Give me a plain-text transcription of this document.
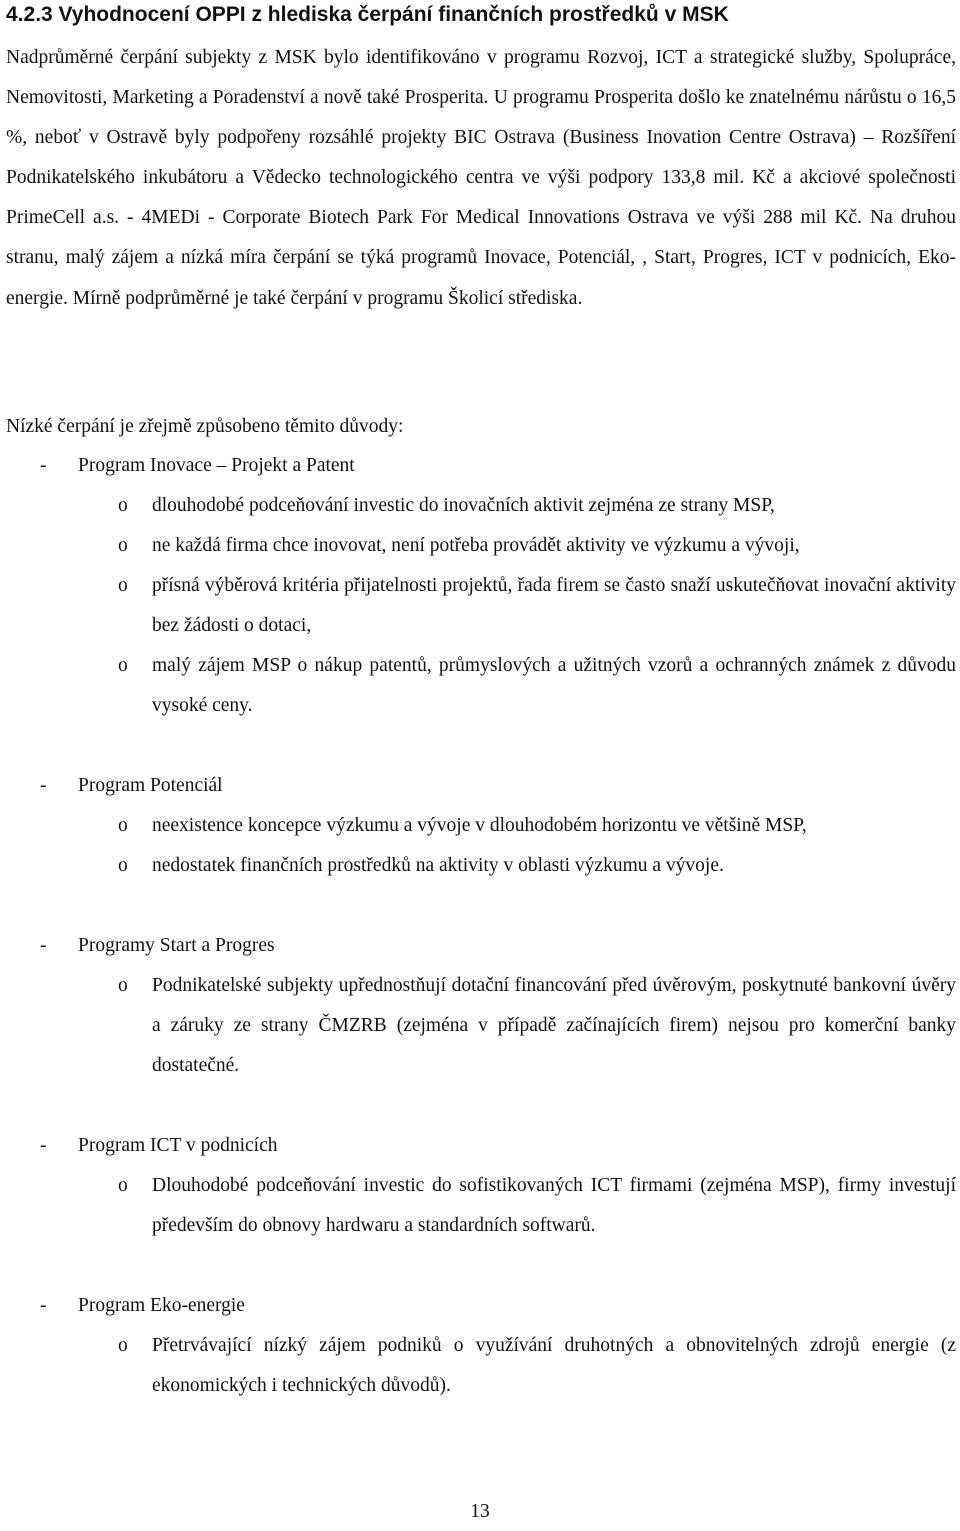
4.2.3 Vyhodnocení OPPI z hlediska čerpání finančních prostředků v MSK
Nadprůměrné čerpání subjekty z MSK bylo identifikováno v programu Rozvoj, ICT a strategické služby, Spolupráce, Nemovitosti, Marketing a Poradenství a nově také Prosperita. U programu Prosperita došlo ke znatelnému nárůstu o 16,5 %, neboť v Ostravě byly podpořeny rozsáhlé projekty BIC Ostrava (Business Inovation Centre Ostrava) – Rozšíření Podnikatelského inkubátoru a Vědecko technologického centra ve výši podpory 133,8 mil. Kč a akciové společnosti PrimeCell a.s. - 4MEDi - Corporate Biotech Park For Medical Innovations Ostrava ve výši 288 mil Kč. Na druhou stranu, malý zájem a nízká míra čerpání se týká programů Inovace, Potenciál, , Start, Progres, ICT v podnicích, Eko-energie. Mírně podprůměrné je také čerpání v programu Školicí střediska.
Nízké čerpání je zřejmě způsobeno těmito důvody:
- Program Inovace – Projekt a Patent
o dlouhodobé podceňování investic do inovačních aktivit zejména ze strany MSP,
o ne každá firma chce inovovat, není potřeba provádět aktivity ve výzkumu a vývoji,
o přísná výběrová kritéria přijatelnosti projektů, řada firem se často snaží uskutečňovat inovační aktivity bez žádosti o dotaci,
o malý zájem MSP o nákup patentů, průmyslových a užitných vzorů a ochranných známek z důvodu vysoké ceny.
- Program Potenciál
o neexistence koncepce výzkumu a vývoje v dlouhodobém horizontu ve většině MSP,
o nedostatek finančních prostředků na aktivity v oblasti výzkumu a vývoje.
- Programy Start a Progres
o Podnikatelské subjekty upřednostňují dotační financování před úvěrovým, poskytnuté bankovní úvěry a záruky ze strany ČMZRB (zejména v případě začínajících firem) nejsou pro komerční banky dostatečné.
- Program ICT v podnicích
o Dlouhodobé podceňování investic do sofistikovaných ICT firmami (zejména MSP), firmy investují především do obnovy hardwaru a standardních softwarů.
- Program Eko-energie
o Přetrvávající nízký zájem podniků o využívání druhotných a obnovitelných zdrojů energie (z ekonomických i technických důvodů).
13
